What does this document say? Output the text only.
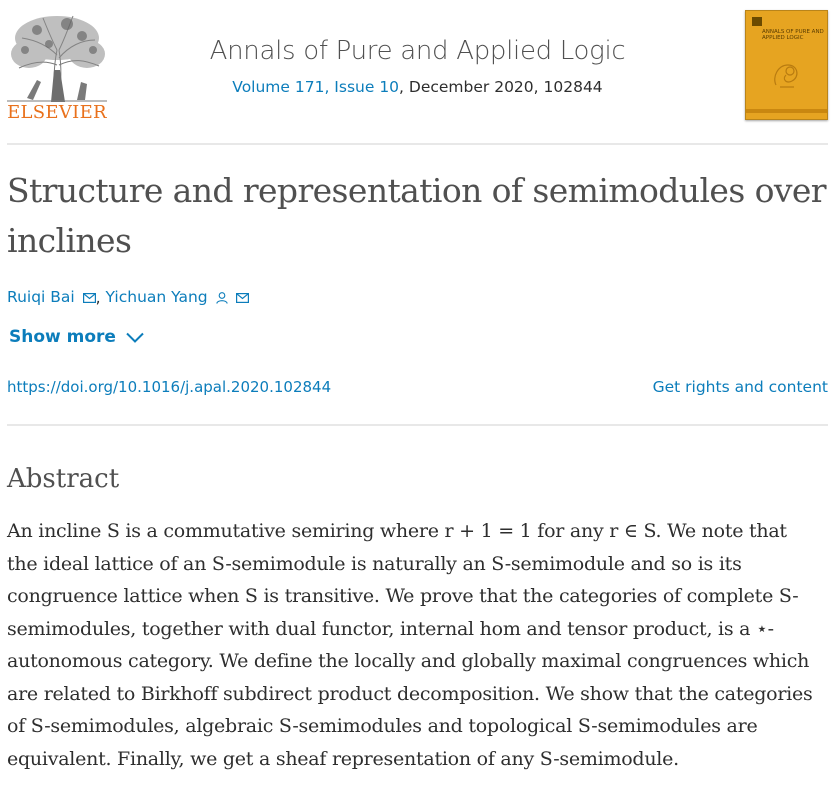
ELSEVIER
Annals of Pure and Applied Logic
Volume 171, Issue 10, December 2020, 102844
ANNALS OF PURE AND APPLIED LOGIC
Structure and representation of semimodules over inclines
Ruiqi Bai , Yichuan Yang
Show more
https://doi.org/10.1016/j.apal.2020.102844	Get rights and content
Abstract

An incline S is a commutative semiring where r + 1 = 1 for any r ∈ S. We note that the ideal lattice of an S-semimodule is naturally an S-semimodule and so is its congruence lattice when S is transitive. We prove that the categories of complete S-semimodules, together with dual functor, internal hom and tensor product, is a ⋆-autonomous category. We define the locally and globally maximal congruences which are related to Birkhoff subdirect product decomposition. We show that the categories of S-semimodules, algebraic S-semimodules and topological S-semimodules are equivalent. Finally, we get a sheaf representation of any S-semimodule.
